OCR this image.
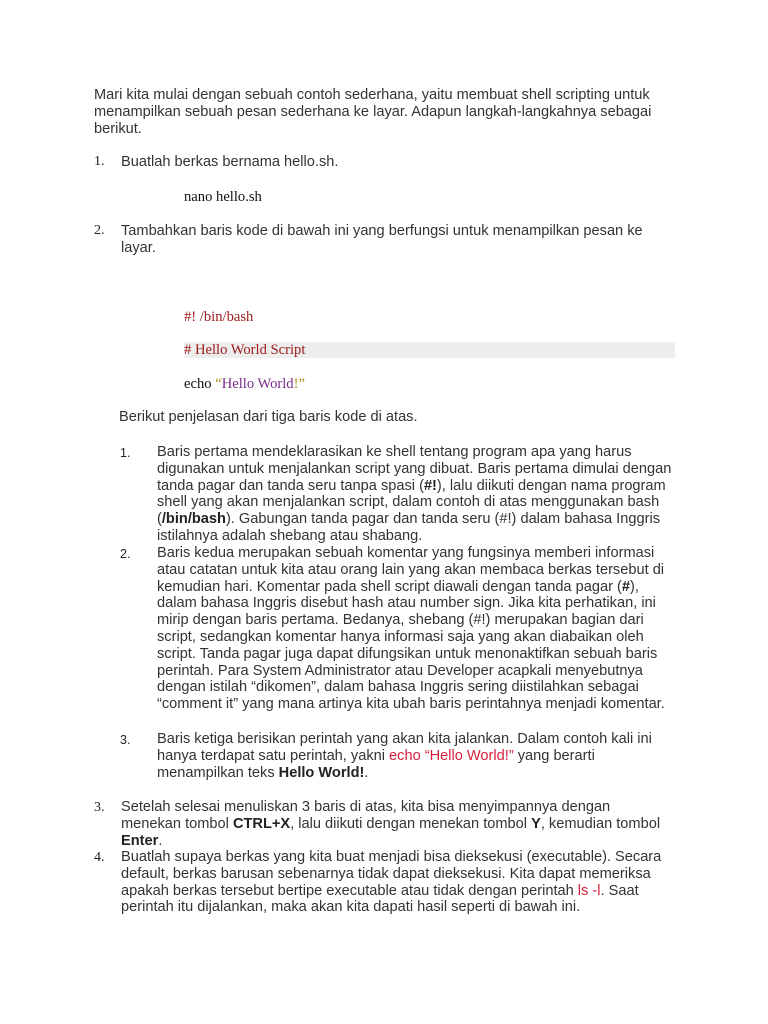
Mari kita mulai dengan sebuah contoh sederhana, yaitu membuat shell scripting untuk menampilkan sebuah pesan sederhana ke layar. Adapun langkah-langkahnya sebagai berikut.
1.	Buatlah berkas bernama hello.sh.
nano hello.sh
2.	Tambahkan baris kode di bawah ini yang berfungsi untuk menampilkan pesan ke layar.
#! /bin/bash
# Hello World Script
echo “Hello World!”
Berikut penjelasan dari tiga baris kode di atas.
1.	Baris pertama mendeklarasikan ke shell tentang program apa yang harus digunakan untuk menjalankan script yang dibuat. Baris pertama dimulai dengan tanda pagar dan tanda seru tanpa spasi (#!), lalu diikuti dengan nama program shell yang akan menjalankan script, dalam contoh di atas menggunakan bash (/bin/bash). Gabungan tanda pagar dan tanda seru (#!) dalam bahasa Inggris istilahnya adalah shebang atau shabang.
2.	Baris kedua merupakan sebuah komentar yang fungsinya memberi informasi atau catatan untuk kita atau orang lain yang akan membaca berkas tersebut di kemudian hari. Komentar pada shell script diawali dengan tanda pagar (#), dalam bahasa Inggris disebut hash atau number sign. Jika kita perhatikan, ini mirip dengan baris pertama. Bedanya, shebang (#!) merupakan bagian dari script, sedangkan komentar hanya informasi saja yang akan diabaikan oleh script. Tanda pagar juga dapat difungsikan untuk menonaktifkan sebuah baris perintah. Para System Administrator atau Developer acapkali menyebutnya dengan istilah “dikomen”, dalam bahasa Inggris sering diistilahkan sebagai “comment it” yang mana artinya kita ubah baris perintahnya menjadi komentar.
3.	Baris ketiga berisikan perintah yang akan kita jalankan. Dalam contoh kali ini hanya terdapat satu perintah, yakni echo “Hello World!” yang berarti menampilkan teks Hello World!.
3.	Setelah selesai menuliskan 3 baris di atas, kita bisa menyimpannya dengan menekan tombol CTRL+X, lalu diikuti dengan menekan tombol Y, kemudian tombol Enter.
4.	Buatlah supaya berkas yang kita buat menjadi bisa dieksekusi (executable). Secara default, berkas barusan sebenarnya tidak dapat dieksekusi. Kita dapat memeriksa apakah berkas tersebut bertipe executable atau tidak dengan perintah ls -l. Saat perintah itu dijalankan, maka akan kita dapati hasil seperti di bawah ini.
